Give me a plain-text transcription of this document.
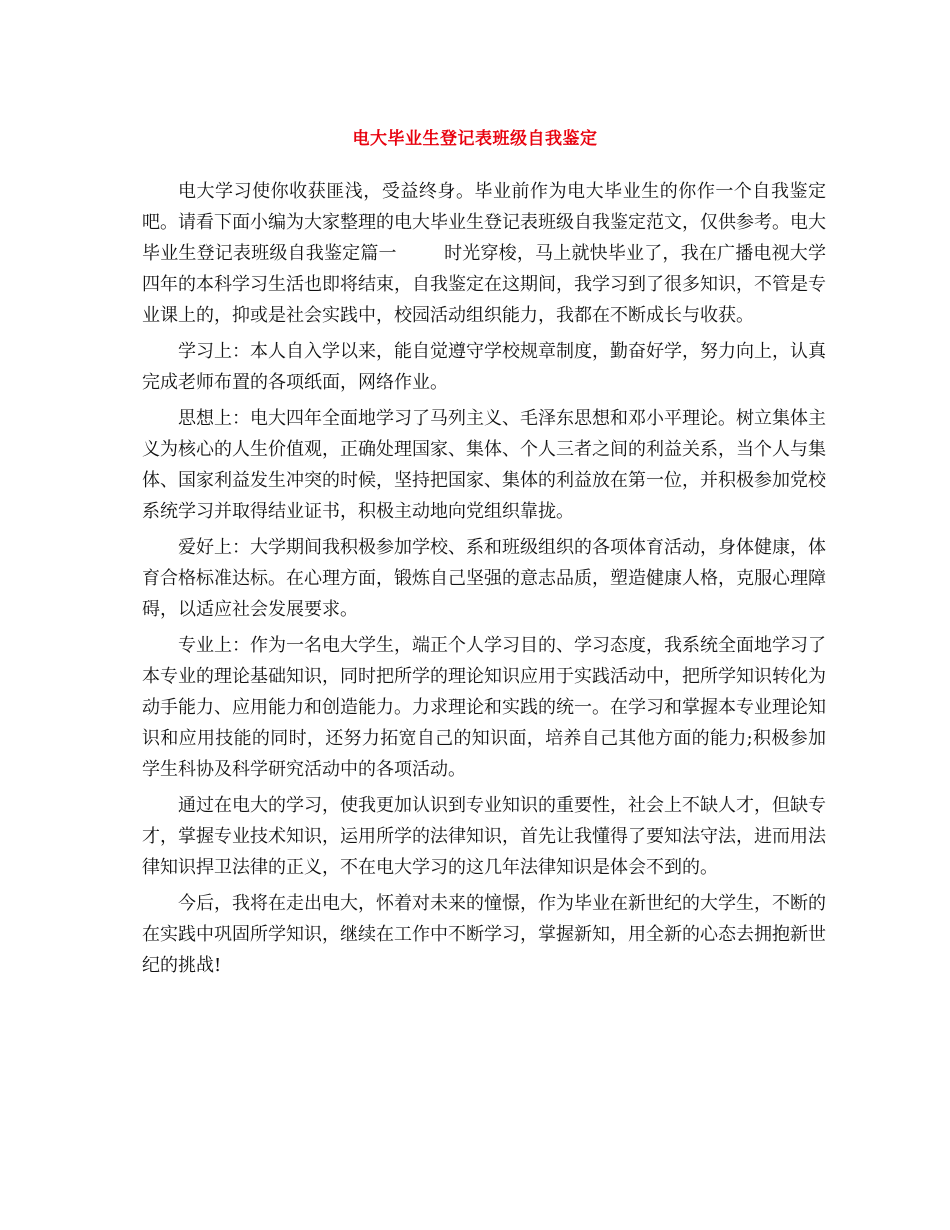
电大毕业生登记表班级自我鉴定

电大学习使你收获匪浅，受益终身。毕业前作为电大毕业生的你作一个自我鉴定吧。请看下面小编为大家整理的电大毕业生登记表班级自我鉴定范文，仅供参考。电大毕业生登记表班级自我鉴定篇一        时光穿梭，马上就快毕业了，我在广播电视大学四年的本科学习生活也即将结束，自我鉴定在这期间，我学习到了很多知识，不管是专业课上的，抑或是社会实践中，校园活动组织能力，我都在不断成长与收获。

学习上：本人自入学以来，能自觉遵守学校规章制度，勤奋好学，努力向上，认真完成老师布置的各项纸面，网络作业。

思想上：电大四年全面地学习了马列主义、毛泽东思想和邓小平理论。树立集体主义为核心的人生价值观，正确处理国家、集体、个人三者之间的利益关系，当个人与集体、国家利益发生冲突的时候，坚持把国家、集体的利益放在第一位，并积极参加党校系统学习并取得结业证书，积极主动地向党组织靠拢。

爱好上：大学期间我积极参加学校、系和班级组织的各项体育活动，身体健康，体育合格标准达标。在心理方面，锻炼自己坚强的意志品质，塑造健康人格，克服心理障碍，以适应社会发展要求。

专业上：作为一名电大学生，端正个人学习目的、学习态度，我系统全面地学习了本专业的理论基础知识，同时把所学的理论知识应用于实践活动中，把所学知识转化为动手能力、应用能力和创造能力。力求理论和实践的统一。在学习和掌握本专业理论知识和应用技能的同时，还努力拓宽自己的知识面，培养自己其他方面的能力;积极参加学生科协及科学研究活动中的各项活动。

通过在电大的学习，使我更加认识到专业知识的重要性，社会上不缺人才，但缺专才，掌握专业技术知识，运用所学的法律知识，首先让我懂得了要知法守法，进而用法律知识捍卫法律的正义，不在电大学习的这几年法律知识是体会不到的。

今后，我将在走出电大，怀着对未来的憧憬，作为毕业在新世纪的大学生，不断的在实践中巩固所学知识，继续在工作中不断学习，掌握新知，用全新的心态去拥抱新世纪的挑战!
